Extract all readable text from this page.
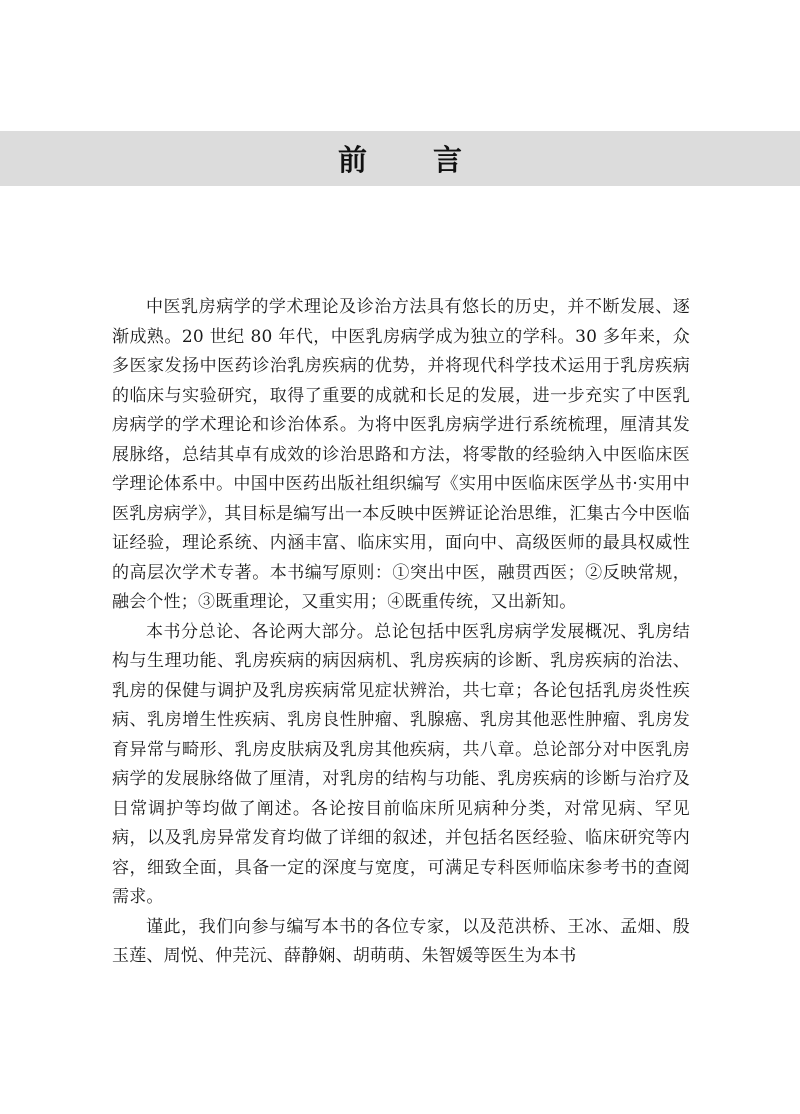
前言

中医乳房病学的学术理论及诊治方法具有悠长的历史，并不断发展、逐渐成熟。20 世纪 80 年代，中医乳房病学成为独立的学科。30 多年来，众多医家发扬中医药诊治乳房疾病的优势，并将现代科学技术运用于乳房疾病的临床与实验研究，取得了重要的成就和长足的发展，进一步充实了中医乳房病学的学术理论和诊治体系。为将中医乳房病学进行系统梳理，厘清其发展脉络，总结其卓有成效的诊治思路和方法，将零散的经验纳入中医临床医学理论体系中。中国中医药出版社组织编写《实用中医临床医学丛书·实用中医乳房病学》，其目标是编写出一本反映中医辨证论治思维，汇集古今中医临证经验，理论系统、内涵丰富、临床实用，面向中、高级医师的最具权威性的高层次学术专著。本书编写原则：①突出中医，融贯西医；②反映常规，融会个性；③既重理论，又重实用；④既重传统，又出新知。

本书分总论、各论两大部分。总论包括中医乳房病学发展概况、乳房结构与生理功能、乳房疾病的病因病机、乳房疾病的诊断、乳房疾病的治法、乳房的保健与调护及乳房疾病常见症状辨治，共七章；各论包括乳房炎性疾病、乳房增生性疾病、乳房良性肿瘤、乳腺癌、乳房其他恶性肿瘤、乳房发育异常与畸形、乳房皮肤病及乳房其他疾病，共八章。总论部分对中医乳房病学的发展脉络做了厘清，对乳房的结构与功能、乳房疾病的诊断与治疗及日常调护等均做了阐述。各论按目前临床所见病种分类，对常见病、罕见病，以及乳房异常发育均做了详细的叙述，并包括名医经验、临床研究等内容，细致全面，具备一定的深度与宽度，可满足专科医师临床参考书的查阅需求。

谨此，我们向参与编写本书的各位专家，以及范洪桥、王冰、孟畑、殷玉莲、周悦、仲芫沅、薛静娴、胡萌萌、朱智媛等医生为本书
